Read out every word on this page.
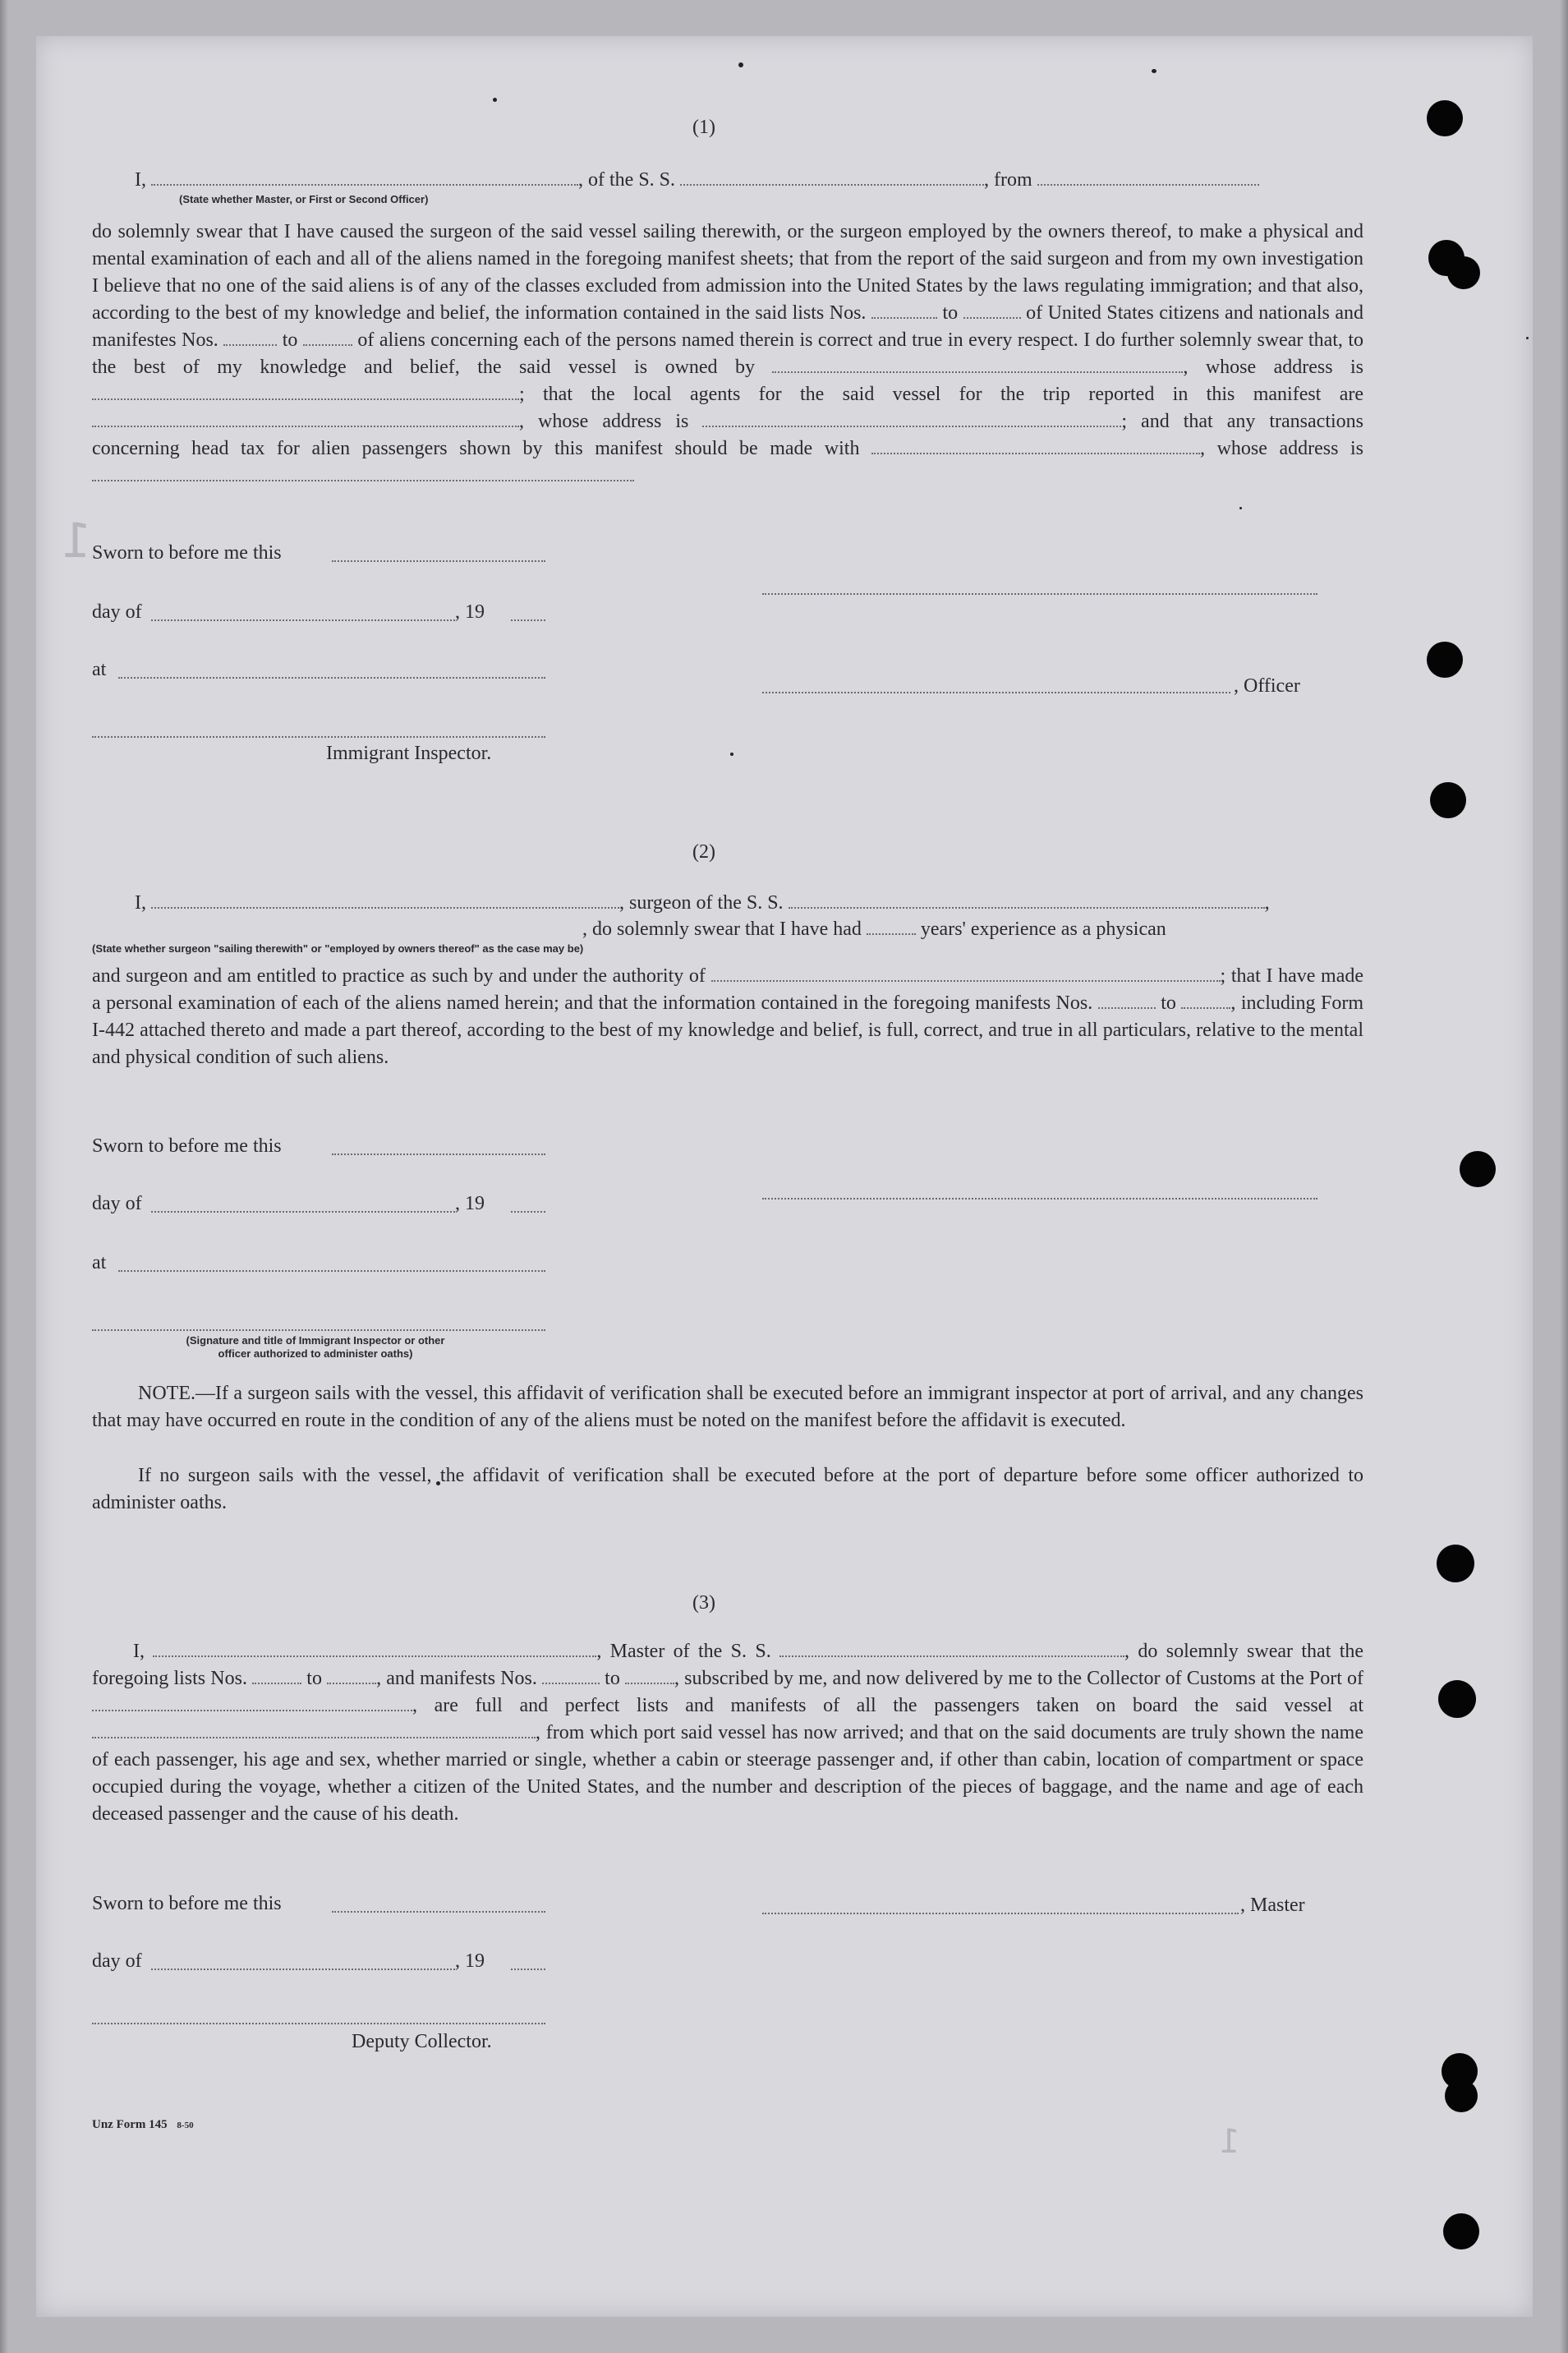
1
1
(1)
I,	, of the S. S.	, from
(State whether Master, or First or Second Officer)
do solemnly swear that I have caused the surgeon of the said vessel sailing therewith, or the surgeon employed by the owners thereof, to make a physical and mental examination of each and all of the aliens named in the foregoing manifest sheets; that from the report of the said surgeon and from my own investigation I believe that no one of the said aliens is of any of the classes excluded from admission into the United States by the laws regulating immigration; and that also, according to the best of my knowledge and belief, the information contained in the said lists Nos.	to	of United States citizens and nationals and manifestes Nos.	to	of aliens concerning each of the persons named therein is correct and true in every respect. I do further solemnly swear that, to the best of my knowledge and belief, the said vessel is owned by	, whose address is ; that the local agents for the said vessel for the trip reported in this manifest are , whose address is	; and that any transactions concerning head tax for alien passengers shown by this manifest should be made with	, whose address is
Sworn to before me this
day of	, 19
at
, Officer
Immigrant Inspector.
(2)
I,	, surgeon of the S. S.	,
, do solemnly swear that I have had	years' experience as a physican
(State whether surgeon "sailing therewith" or "employed by owners thereof" as the case may be)
and surgeon and am entitled to practice as such by and under the authority of	; that I have made a personal examination of each of the aliens named herein; and that the information contained in the foregoing manifests Nos.	to	, including Form I-442 attached thereto and made a part thereof, according to the best of my knowledge and belief, is full, correct, and true in all particulars, relative to the mental and physical condition of such aliens.
Sworn to before me this
day of	, 19
at
(Signature and title of Immigrant Inspector or other
officer authorized to administer oaths)
NOTE.—If a surgeon sails with the vessel, this affidavit of verification shall be executed before an immigrant inspector at port of arrival, and any changes that may have occurred en route in the condition of any of the aliens must be noted on the manifest before the affidavit is executed.
If no surgeon sails with the vessel, the affidavit of verification shall be executed before at the port of departure before some officer authorized to administer oaths.
(3)
I,	, Master of the S. S.	, do solemnly swear that the foregoing lists Nos.	to	, and manifests Nos.	to	, subscribed by me, and now delivered by me to the Collector of Customs at the Port of , are full and perfect lists and manifests of all the passengers taken on board the said vessel at , from which port said vessel has now arrived; and that on the said documents are truly shown the name of each passenger, his age and sex, whether married or single, whether a cabin or steerage passenger and, if other than cabin, location of compartment or space occupied during the voyage, whether a citizen of the United States, and the number and description of the pieces of baggage, and the name and age of each deceased passenger and the cause of his death.
Sworn to before me this	, Master
day of	, 19
Deputy Collector.
Unz Form 145 8-50
